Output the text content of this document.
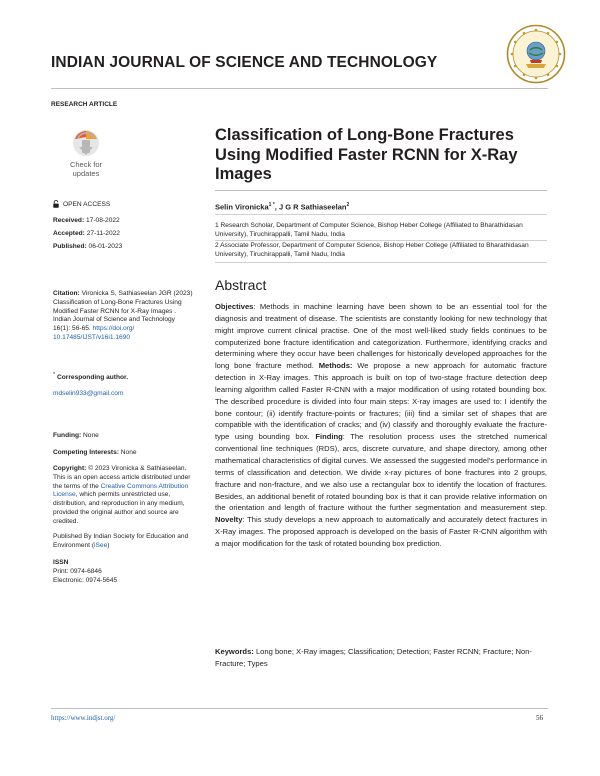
INDIAN JOURNAL OF SCIENCE AND TECHNOLOGY
RESEARCH ARTICLE
Check for
updates
Classification of Long-Bone Fractures Using Modified Faster RCNN for X-Ray Images
OPEN ACCESS
Received: 17-08-2022
Accepted: 27-11-2022
Published: 06-01-2023
Citation: Vironicka S, Sathiaseelan JGR (2023) Classification of Long-Bone Fractures Using Modified Faster RCNN for X-Ray Images . Indian Journal of Science and Technology 16(1): 56-65. https://doi.org/ 10.17485/IJST/v16i1.1690
* Corresponding author.
mdselin933@gmail.com
Funding: None
Competing Interests: None
Copyright: © 2023 Vironicka & Sathiaseelan. This is an open access article distributed under the terms of the Creative Commons Attribution License, which permits unrestricted use, distribution, and reproduction in any medium, provided the original author and source are credited.
Published By Indian Society for Education and Environment (iSee)
ISSN
Print: 0974-6846
Electronic: 0974-5645
Selin Vironicka$^{1 *}$, J G R Sathiaseelan$^2$
1 Research Scholar, Department of Computer Science, Bishop Heber College (Affiliated to Bharathidasan University), Tiruchirappalli, Tamil Nadu, India
2 Associate Professor, Department of Computer Science, Bishop Heber College (Affiliated to Bharathidasan University), Tiruchirappalli, Tamil Nadu, India
Abstract
Objectives: Methods in machine learning have been shown to be an essential tool for the diagnosis and treatment of disease. The scientists are constantly looking for new technology that might improve current clinical practise. One of the most well-liked study fields continues to be computerized bone fracture identification and categorization. Furthermore, identifying cracks and determining where they occur have been challenges for historically developed approaches for the long bone fracture method. Methods: We propose a new approach for automatic fracture detection in X-Ray images. This approach is built on top of two-stage fracture detection deep learning algorithm called Faster R-CNN with a major modification of using rotated bounding box. The described procedure is divided into four main steps: X-ray images are used to: I identify the bone contour; (ii) identify fracture-points or fractures; (iii) find a similar set of shapes that are compatible with the identification of cracks; and (iv) classify and thoroughly evaluate the fracture-type using bounding box. Finding: The resolution process uses the stretched numerical conventional line techniques (RDS), arcs, discrete curvature, and shape directory, among other mathematical characteristics of digital curves. We assessed the suggested model's performance in terms of classification and detection. We divide x-ray pictures of bone fractures into 2 groups, fracture and non-fracture, and we also use a rectangular box to identify the location of fractures. Besides, an additional benefit of rotated bounding box is that it can provide relative information on the orientation and length of fracture without the further segmentation and measurement step. Novelty: This study develops a new approach to automatically and accurately detect fractures in X-Ray images. The proposed approach is developed on the basis of Faster R-CNN algorithm with a major modification for the task of rotated bounding box prediction.
Keywords: Long bone; X-Ray images; Classification; Detection; Faster RCNN; Fracture; Non-Fracture; Types
https://www.indjst.org/	56
